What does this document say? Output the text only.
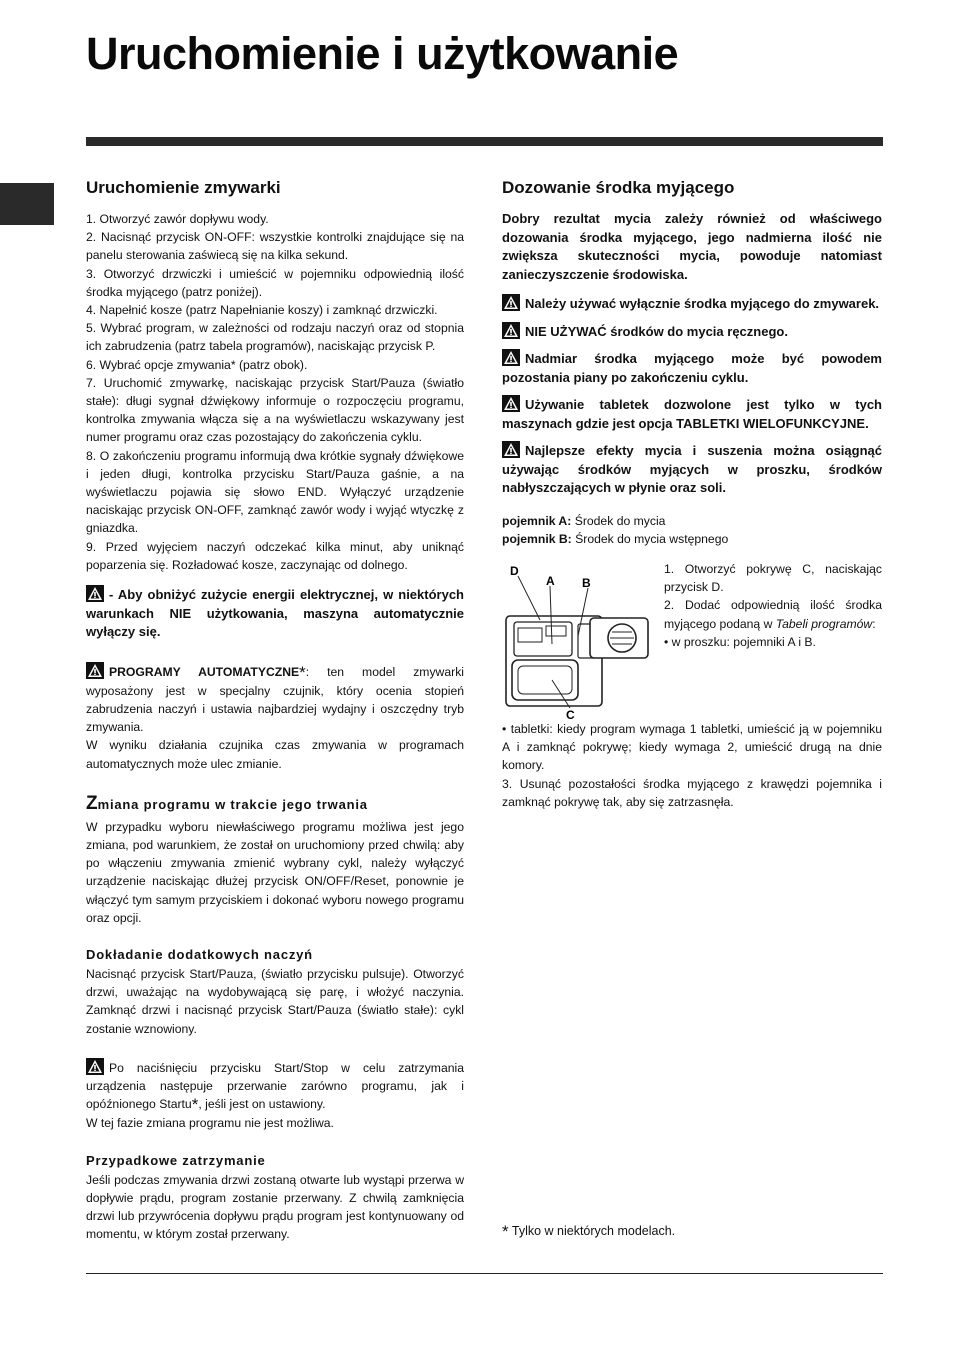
Uruchomienie i użytkowanie
Uruchomienie zmywarki

1. Otworzyć zawór dopływu wody.

2. Nacisnąć przycisk ON-OFF: wszystkie kontrolki znajdujące się na panelu sterowania zaświecą się na kilka sekund.

3. Otworzyć drzwiczki i umieścić w pojemniku odpowiednią ilość środka myjącego (patrz poniżej).

4. Napełnić kosze (patrz Napełnianie koszy) i zamknąć drzwiczki.

5. Wybrać program, w zależności od rodzaju naczyń oraz od stopnia ich zabrudzenia (patrz tabela programów), naciskając przycisk P.

6. Wybrać opcje zmywania* (patrz obok).

7. Uruchomić zmywarkę, naciskając przycisk Start/Pauza (światło stałe): długi sygnał dźwiękowy informuje o rozpoczęciu programu, kontrolka zmywania włącza się a na wyświetlaczu wskazywany jest numer programu oraz czas pozostający do zakończenia cyklu.

8. O zakończeniu programu informują dwa krótkie sygnały dźwiękowe i jeden długi, kontrolka przycisku Start/Pauza gaśnie, a na wyświetlaczu pojawia się słowo END. Wyłączyć urządzenie naciskając przycisk ON-OFF, zamknąć zawór wody i wyjąć wtyczkę z gniazdka.

9. Przed wyjęciem naczyń odczekać kilka minut, aby uniknąć poparzenia się. Rozładować kosze, zaczynając od dolnego.

- Aby obniżyć zużycie energii elektrycznej, w niektórych warunkach NIE użytkowania, maszyna automatycznie wyłączy się.

PROGRAMY AUTOMATYCZNE*: ten model zmywarki wyposażony jest w specjalny czujnik, który ocenia stopień zabrudzenia naczyń i ustawia najbardziej wydajny i oszczędny tryb zmywania.

W wyniku działania czujnika czas zmywania w programach automatycznych może ulec zmianie.

Zmiana programu w trakcie jego trwania

W przypadku wyboru niewłaściwego programu możliwa jest jego zmiana, pod warunkiem, że został on uruchomiony przed chwilą: aby po włączeniu zmywania zmienić wybrany cykl, należy wyłączyć urządzenie naciskając dłużej przycisk ON/OFF/Reset, ponownie je włączyć tym samym przyciskiem i dokonać wyboru nowego programu oraz opcji.

Dokładanie dodatkowych naczyń

Nacisnąć przycisk Start/Pauza, (światło przycisku pulsuje). Otworzyć drzwi, uważając na wydobywającą się parę, i włożyć naczynia. Zamknąć drzwi i nacisnąć przycisk Start/Pauza (światło stałe): cykl zostanie wznowiony.

Po naciśnięciu przycisku Start/Stop w celu zatrzymania urządzenia następuje przerwanie zarówno programu, jak i opóźnionego Startu*, jeśli jest on ustawiony.

W tej fazie zmiana programu nie jest możliwa.

Przypadkowe zatrzymanie

Jeśli podczas zmywania drzwi zostaną otwarte lub wystąpi przerwa w dopływie prądu, program zostanie przerwany. Z chwilą zamknięcia drzwi lub przywrócenia dopływu prądu program jest kontynuowany od momentu, w którym został przerwany.

Dozowanie środka myjącego

Dobry rezultat mycia zależy również od właściwego dozowania środka myjącego, jego nadmierna ilość nie zwiększa skuteczności mycia, powoduje natomiast zanieczyszczenie środowiska.

Należy używać wyłącznie środka myjącego do zmywarek.

NIE UŻYWAĆ środków do mycia ręcznego.

Nadmiar środka myjącego może być powodem pozostania piany po zakończeniu cyklu.

Używanie tabletek dozwolone jest tylko w tych maszynach gdzie jest opcja TABLETKI WIELOFUNKCYJNE.

Najlepsze efekty mycia i suszenia można osiągnąć używając środków myjących w proszku, środków nabłyszczających w płynie oraz soli.

pojemnik A: Środek do mycia

pojemnik B: Środek do mycia wstępnego

D
A B
C

1. Otworzyć pokrywę C, naciskając przycisk D.

2. Dodać odpowiednią ilość środka myjącego podaną w Tabeli programów:

• w proszku: pojemniki A i B.

• tabletki: kiedy program wymaga 1 tabletki, umieścić ją w pojemniku A i zamknąć pokrywę; kiedy wymaga 2, umieścić drugą na dnie komory.

3. Usunąć pozostałości środka myjącego z krawędzi pojemnika i zamknąć pokrywę tak, aby się zatrzasnęła.

* Tylko w niektórych modelach.
